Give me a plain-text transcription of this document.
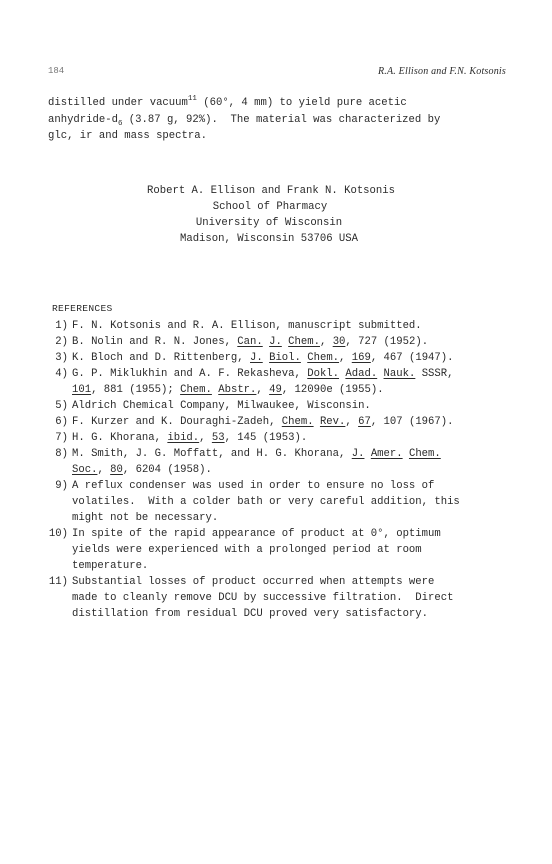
184	R.A. Ellison and F.N. Kotsonis
distilled under vacuum$^{11}$ (60°, 4 mm) to yield pure acetic
anhydride-$d_6$ (3.87 g, 92%).  The material was characterized by
glc, ir and mass spectra.
Robert A. Ellison and Frank N. Kotsonis
School of Pharmacy
University of Wisconsin
Madison, Wisconsin 53706 USA
REFERENCES
1) F. N. Kotsonis and R. A. Ellison, manuscript submitted.
2) B. Nolin and R. N. Jones, Can. J. Chem., 30, 727 (1952).
3) K. Bloch and D. Rittenberg, J. Biol. Chem., 169, 467 (1947).
4) G. P. Miklukhin and A. F. Rekasheva, Dokl. Adad. Nauk. SSSR,
101, 881 (1955); Chem. Abstr., 49, 12090e (1955).
5) Aldrich Chemical Company, Milwaukee, Wisconsin.
6) F. Kurzer and K. Douraghi-Zadeh, Chem. Rev., 67, 107 (1967).
7) H. G. Khorana, ibid., 53, 145 (1953).
8) M. Smith, J. G. Moffatt, and H. G. Khorana, J. Amer. Chem.
Soc., 80, 6204 (1958).
9) A reflux condenser was used in order to ensure no loss of
volatiles.  With a colder bath or very careful addition, this
might not be necessary.
10) In spite of the rapid appearance of product at 0°, optimum
yields were experienced with a prolonged period at room
temperature.
11) Substantial losses of product occurred when attempts were
made to cleanly remove DCU by successive filtration.  Direct
distillation from residual DCU proved very satisfactory.
